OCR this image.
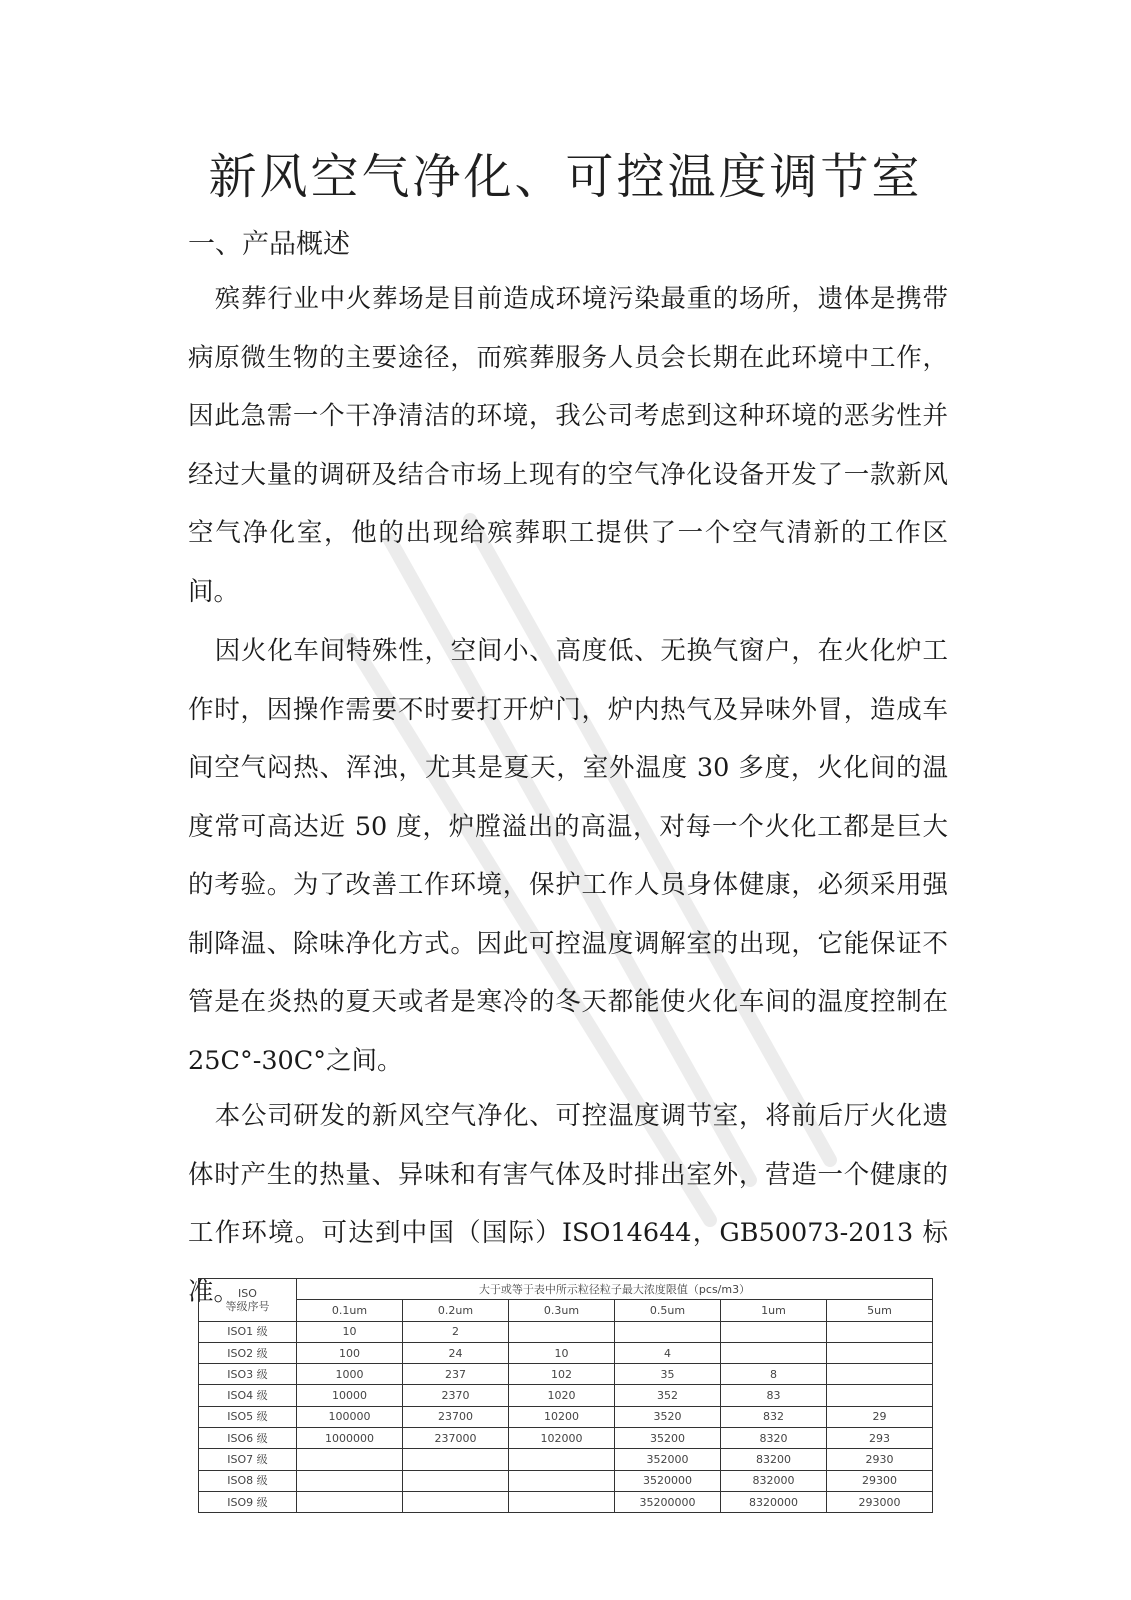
新风空气净化、可控温度调节室
一、产品概述

殡葬行业中火葬场是目前造成环境污染最重的场所，遗体是携带病原微生物的主要途径，而殡葬服务人员会长期在此环境中工作，因此急需一个干净清洁的环境，我公司考虑到这种环境的恶劣性并经过大量的调研及结合市场上现有的空气净化设备开发了一款新风空气净化室，他的出现给殡葬职工提供了一个空气清新的工作区间。

因火化车间特殊性，空间小、高度低、无换气窗户，在火化炉工作时，因操作需要不时要打开炉门，炉内热气及异味外冒，造成车间空气闷热、浑浊，尤其是夏天，室外温度 30 多度，火化间的温度常可高达近 50 度，炉膛溢出的高温，对每一个火化工都是巨大的考验。为了改善工作环境，保护工作人员身体健康，必须采用强制降温、除味净化方式。因此可控温度调解室的出现，它能保证不管是在炎热的夏天或者是寒冷的冬天都能使火化车间的温度控制在 25C°-30C°之间。

本公司研发的新风空气净化、可控温度调节室，将前后厅火化遗体时产生的热量、异味和有害气体及时排出室外，营造一个健康的工作环境。可达到中国（国际）ISO14644，GB50073-2013 标准。 ISO
等级序号	大于或等于表中所示粒径粒子最大浓度限值（pcs/m3）					
	0.1um	0.2um	0.3um	0.5um	1um	5um
ISO1 级	10	2				
ISO2 级	100	24	10	4		
ISO3 级	1000	237	102	35	8	
ISO4 级	10000	2370	1020	352	83	
ISO5 级	100000	23700	10200	3520	832	29
ISO6 级	1000000	237000	102000	35200	8320	293
ISO7 级				352000	83200	2930
ISO8 级				3520000	832000	29300
ISO9 级				35200000	8320000	293000
